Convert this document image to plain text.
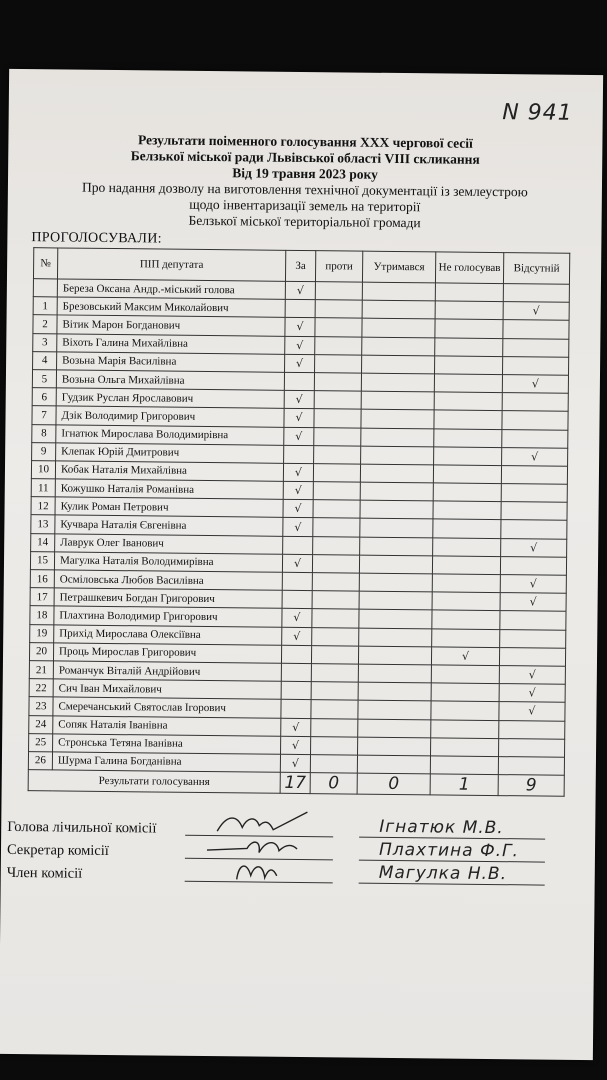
N 941
Результати поіменного голосування XXX чергової сесії
Белзької міської ради Львівської області VIII скликання
Від 19 травня 2023 року
Про надання дозволу на виготовлення технічної документації із землеустрою
щодо інвентаризації земель на території
Белзької міської територіальної громади
ПРОГОЛОСУВАЛИ:
№	ПІП депутата	За	проти	Утримався	Не голосував	Відсутній
	Береза Оксана Андр.-міський голова	√				
1	Брезовський Максим Миколайович					√
2	Вітик Марон Богданович	√				
3	Віхоть Галина Михайлівна	√				
4	Возьна Марія Василівна	√				
5	Возьна Ольга Михайлівна					√
6	Гудзик Руслан Ярославович	√				
7	Дзік Володимир Григорович	√				
8	Ігнатюк Мирослава Володимирівна	√				
9	Клепак Юрій Дмитрович					√
10	Кобак Наталія Михайлівна	√				
11	Кожушко Наталія Романівна	√				
12	Кулик Роман Петрович	√				
13	Кучвара Наталія Євгенівна	√				
14	Лаврук Олег Іванович					√
15	Магулка Наталія Володимирівна	√				
16	Осміловська Любов Василівна					√
17	Петрашкевич Богдан Григорович					√
18	Плахтина Володимир Григорович	√				
19	Прихід Мирослава Олексіївна	√				
20	Проць Мирослав Григорович				√	
21	Романчук Віталій Андрійович					√
22	Сич Іван Михайлович					√
23	Смеречанський Святослав Ігорович					√
24	Сопяк Наталія Іванівна	√				
25	Стронська Тетяна Іванівна	√				
26	Шурма Галина Богданівна	√				
Результати голосування		17	0	0	1	9
Голова лічильної комісії	Ігнатюк М.В.
Секретар комісії	Плахтина Ф.Г.
Член комісії	Магулка Н.В.
